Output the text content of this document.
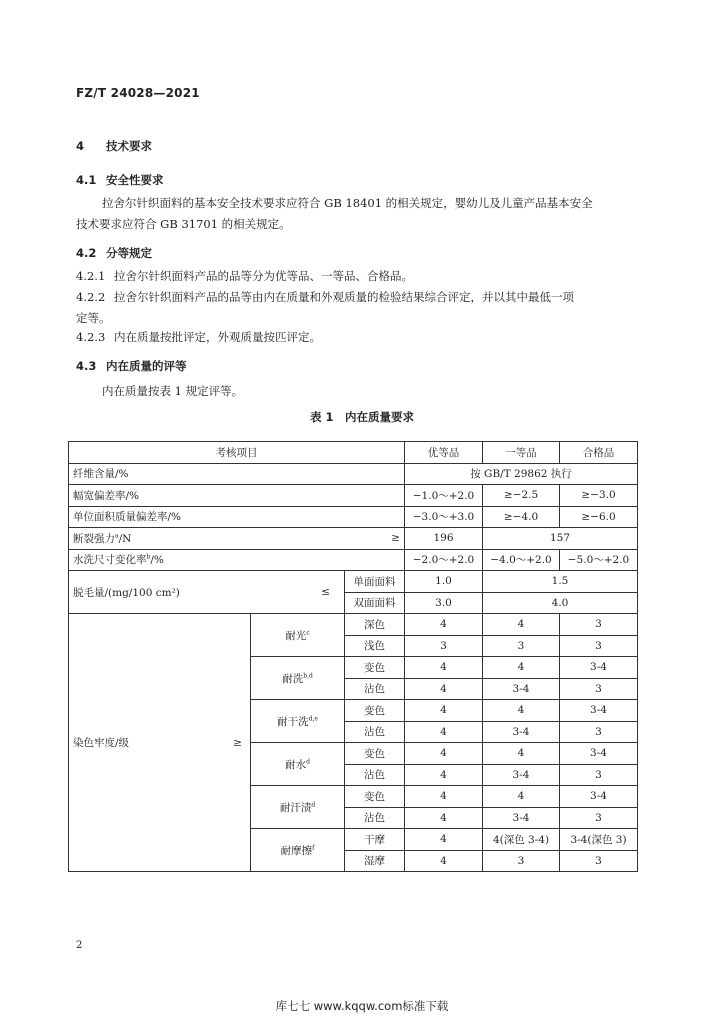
FZ/T 24028—2021
4 技术要求
4.1 安全性要求
拉舍尔针织面料的基本安全技术要求应符合 GB 18401 的相关规定，婴幼儿及儿童产品基本安全
技术要求应符合 GB 31701 的相关规定。
4.2 分等规定
4.2.1 拉舍尔针织面料产品的品等分为优等品、一等品、合格品。
4.2.2 拉舍尔针织面料产品的品等由内在质量和外观质量的检验结果综合评定，并以其中最低一项
定等。
4.2.3 内在质量按批评定，外观质量按匹评定。
4.3 内在质量的评等
内在质量按表 1 规定评等。
表 1　内在质量要求
考核项目			优等品	一等品	合格品
纤维含量/%			按 GB/T 29862 执行		
幅宽偏差率/%			−1.0～+2.0	≥−2.5	≥−3.0
单位面积质量偏差率/%			−3.0～+3.0	≥−4.0	≥−6.0

断裂强力$^a$/N ≥			196	157	
水洗尺寸变化率$^b$/%			−2.0～+2.0	−4.0～+2.0	−5.0～+2.0

脱毛量/(mg/100 cm²) ≤		单面面料	1.0	1.5	
		双面面料	3.0	4.0	

染色牢度/级 ≥	耐光$^c$	深色	4	4	3
		浅色	3	3	3
	耐洗$^{b,d}$	变色	4	4	3-4
		沾色	4	3-4	3
	耐干洗$^{d,e}$	变色	4	4	3-4
		沾色	4	3-4	3
	耐水$^d$	变色	4	4	3-4
		沾色	4	3-4	3
	耐汗渍$^d$	变色	4	4	3-4
		沾色	4	3-4	3
	耐摩擦$^f$	干摩	4	4(深色 3-4)	3-4(深色 3)
		湿摩	4	3	3
2
库七七 www.kqqw.com标准下载
